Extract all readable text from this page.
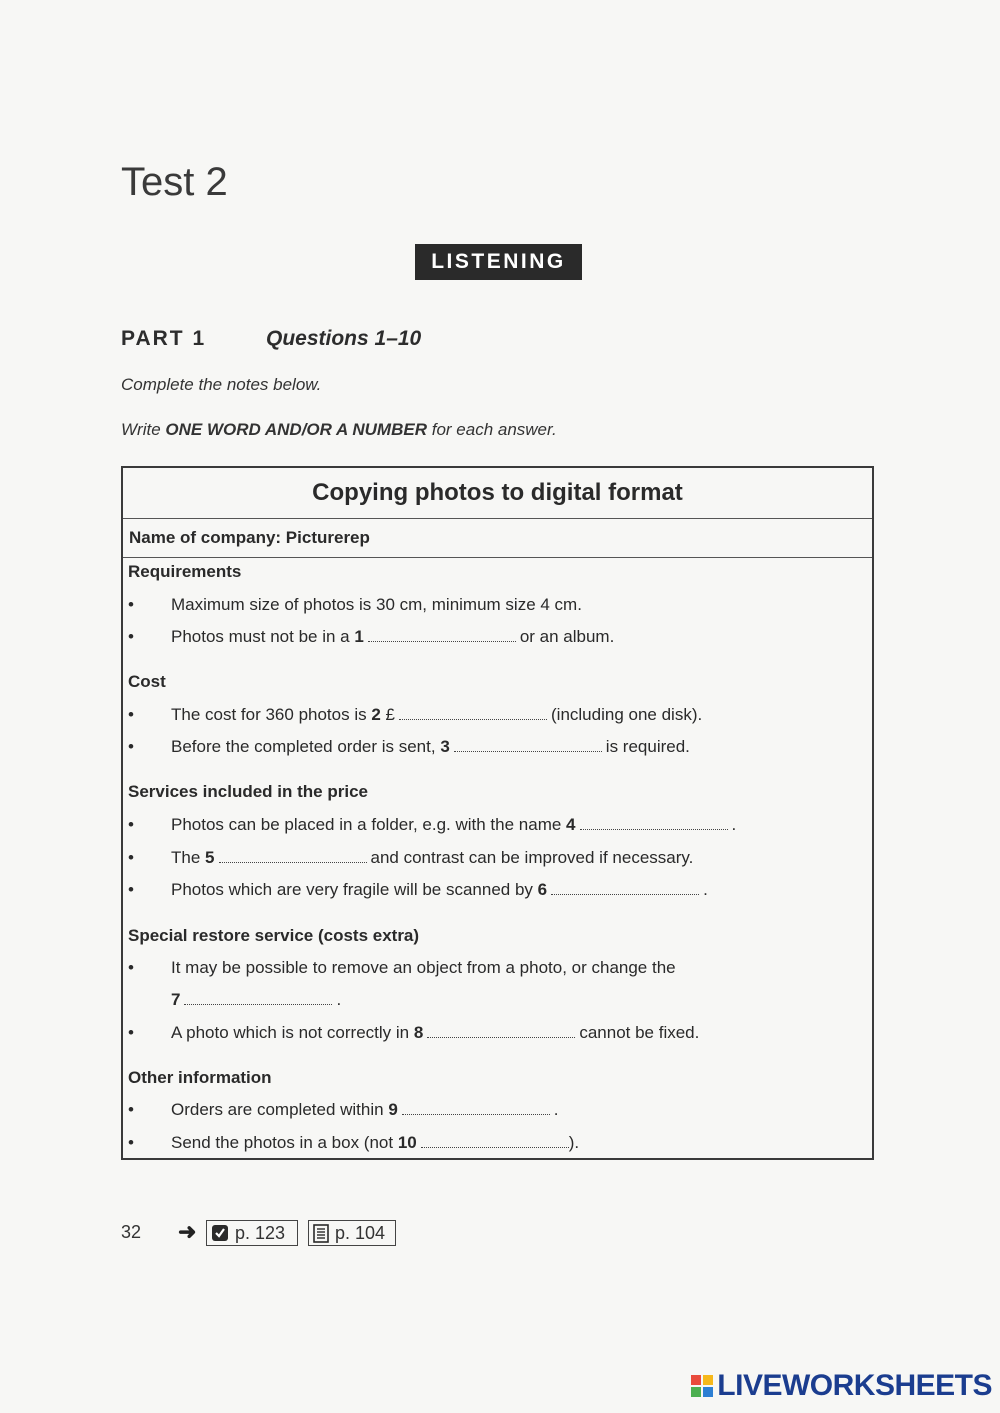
Test 2
LISTENING
PART 1	Questions 1–10
Complete the notes below.
Write ONE WORD AND/OR A NUMBER for each answer.
Copying photos to digital format
Name of company: Picturerep
Requirements
• Maximum size of photos is 30 cm, minimum size 4 cm.
• Photos must not be in a 1	or an album.
Cost
• The cost for 360 photos is 2 £	(including one disk).
• Before the completed order is sent, 3	is required.
Services included in the price
• Photos can be placed in a folder, e.g. with the name 4	.
• The 5	and contrast can be improved if necessary.
• Photos which are very fragile will be scanned by 6	.
Special restore service (costs extra)
• It may be possible to remove an object from a photo, or change the
7	.
• A photo which is not correctly in 8	cannot be fixed.
Other information
• Orders are completed within 9	.
• Send the photos in a box (not 10	).
32 ➜ p. 123	p. 104
LIVEWORKSHEETS
